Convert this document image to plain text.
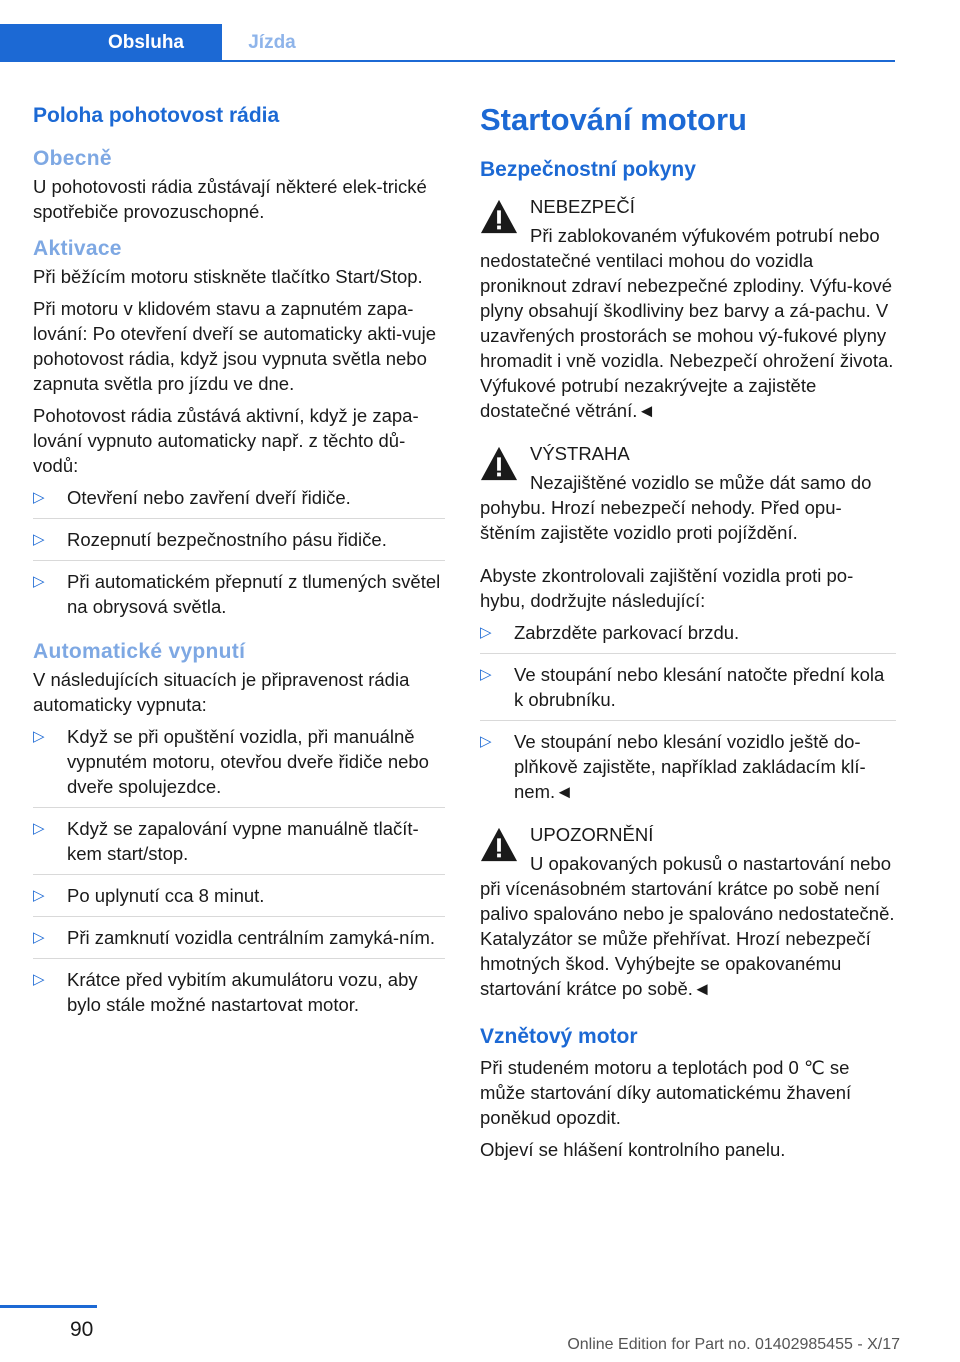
Obsluha	Jízda
Poloha pohotovost rádia
Obecně

U pohotovosti rádia zůstávají některé elek-trické spotřebiče provozuschopné.

Aktivace

Při běžícím motoru stiskněte tlačítko Start/Stop.

Při motoru v klidovém stavu a zapnutém zapa-lování: Po otevření dveří se automaticky akti-vuje pohotovost rádia, když jsou vypnuta světla nebo zapnuta světla pro jízdu ve dne.

Pohotovost rádia zůstává aktivní, když je zapa-lování vypnuto automaticky např. z těchto dů-vodů:

▷ Otevření nebo zavření dveří řidiče.
▷ Rozepnutí bezpečnostního pásu řidiče.
▷ Při automatickém přepnutí z tlumených světel na obrysová světla.
Automatické vypnutí

V následujících situacích je připravenost rádia automaticky vypnuta:

▷ Když se při opuštění vozidla, při manuálně vypnutém motoru, otevřou dveře řidiče nebo dveře spolujezdce.
▷ Když se zapalování vypne manuálně tlačít-kem start/stop.
▷ Po uplynutí cca 8 minut.
▷ Při zamknutí vozidla centrálním zamyká-ním.
▷ Krátce před vybitím akumulátoru vozu, aby bylo stále možné nastartovat motor.
Startování motoru
Bezpečnostní pokyny
NEBEZPEČÍ

Při zablokovaném výfukovém potrubí nebo nedostatečné ventilaci mohou do vozidla proniknout zdraví nebezpečné zplodiny. Výfu-kové plyny obsahují škodliviny bez barvy a zá-pachu. V uzavřených prostorách se mohou vý-fukové plyny hromadit i vně vozidla. Nebezpečí ohrožení života. Výfukové potrubí nezakrývejte a zajistěte dostatečné větrání.◄

VÝSTRAHA

Nezajištěné vozidlo se může dát samo do pohybu. Hrozí nebezpečí nehody. Před opu-štěním zajistěte vozidlo proti pojíždění.

Abyste zkontrolovali zajištění vozidla proti po-hybu, dodržujte následující:

▷ Zabrzděte parkovací brzdu.
▷ Ve stoupání nebo klesání natočte přední kola k obrubníku.
▷ Ve stoupání nebo klesání vozidlo ještě do-plňkově zajistěte, například zakládacím klí-nem.◄
UPOZORNĚNÍ

U opakovaných pokusů o nastartování nebo při vícenásobném startování krátce po sobě není palivo spalováno nebo je spalováno nedostatečně. Katalyzátor se může přehřívat. Hrozí nebezpečí hmotných škod. Vyhýbejte se opakovanému startování krátce po sobě.◄

Vznětový motor

Při studeném motoru a teplotách pod 0 ℃ se může startování díky automatickému žhavení poněkud opozdit.

Objeví se hlášení kontrolního panelu.

90
Online Edition for Part no. 01402985455 - X/17
